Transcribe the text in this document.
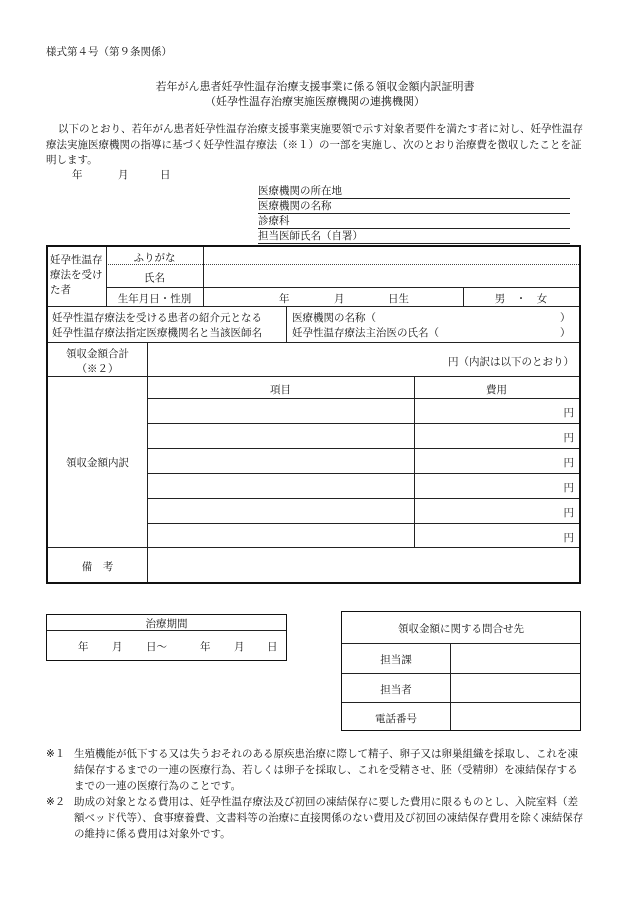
様式第４号（第９条関係）
若年がん患者妊孕性温存治療支援事業に係る領収金額内訳証明書
（妊孕性温存治療実施医療機関の連携機関）
以下のとおり、若年がん患者妊孕性温存治療支援事業実施要領で示す対象者要件を満たす者に対し、妊孕性温存療法実施医療機関の指導に基づく妊孕性温存療法（※１）の一部を実施し、次のとおり治療費を徴収したことを証明します。
年	月	日
医療機関の所在地
医療機関の名称
診療科
担当医師氏名（自署）
妊孕性温存療法を受けた者
ふりがな
氏名
生年月日・性別	年	月	日生	男　・　女
妊孕性温存療法を受ける患者の紹介元となる
妊孕性温存療法指定医療機関名と当該医師名
医療機関の名称（	）
妊孕性温存療法主治医の氏名（	）
領収金額合計
（※２）
円（内訳は以下のとおり）
領収金額内訳
項目	費用
円
円
円
円
円
円
備　考
治療期間
年 月 日〜	年 月 日
領収金額に関する問合せ先
担当課
担当者
電話番号
※１ 生殖機能が低下する又は失うおそれのある原疾患治療に際して精子、卵子又は卵巣組織を採取し、これを凍結保存するまでの一連の医療行為、若しくは卵子を採取し、これを受精させ、胚（受精卵）を凍結保存するまでの一連の医療行為のことです。
※２ 助成の対象となる費用は、妊孕性温存療法及び初回の凍結保存に要した費用に限るものとし、入院室料（差額ベッド代等）、食事療養費、文書料等の治療に直接関係のない費用及び初回の凍結保存費用を除く凍結保存の維持に係る費用は対象外です。
